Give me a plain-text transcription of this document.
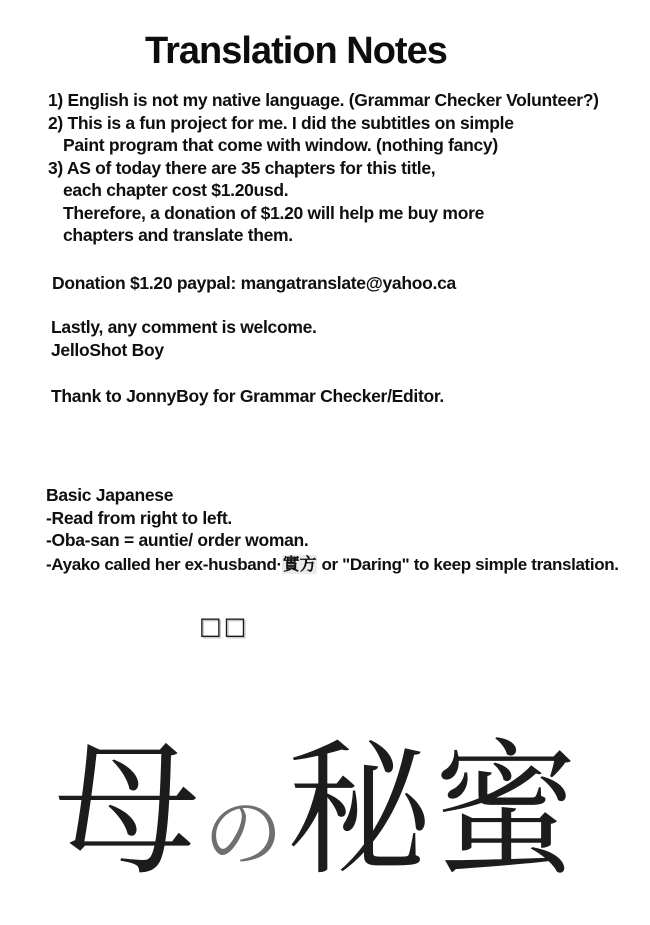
Translation Notes
1) English is not my native language. (Grammar Checker Volunteer?)
2) This is a fun project for me. I did the subtitles on simple
Paint program that come with window. (nothing fancy)
3) AS of today there are 35 chapters for this title,
each chapter cost $1.20usd.
Therefore, a donation of $1.20 will help me buy more
chapters and translate them.
Donation $1.20 paypal: mangatranslate@yahoo.ca
Lastly, any comment is welcome.
JelloShot Boy
Thank to JonnyBoy for Grammar Checker/Editor.
Basic Japanese
-Read from right to left.
-Oba-san = auntie/ order woman.
-Ayako called her ex-husband·實方 or "Daring" to keep simple translation.
□□
母の秘蜜
